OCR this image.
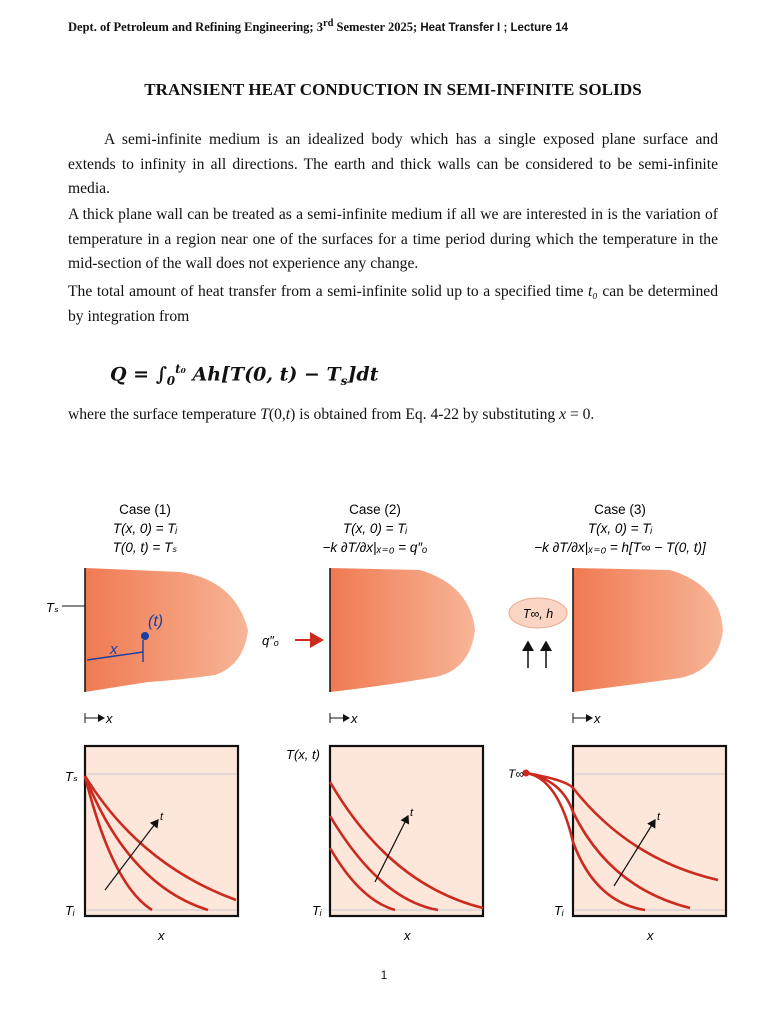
Dept. of Petroleum and Refining Engineering; 3rd Semester 2025; Heat Transfer I ; Lecture 14
TRANSIENT HEAT CONDUCTION IN SEMI-INFINITE SOLIDS
A semi-infinite medium is an idealized body which has a single exposed plane surface and extends to infinity in all directions. The earth and thick walls can be considered to be semi-infinite media.
A thick plane wall can be treated as a semi-infinite medium if all we are interested in is the variation of temperature in a region near one of the surfaces for a time period during which the temperature in the mid-section of the wall does not experience any change.
The total amount of heat transfer from a semi-infinite solid up to a specified time t₀ can be determined by integration from
$Q = \int_0^{t_0}$ Ah[T(0, $t) - T_s]dt$
where the surface temperature T(0,t) is obtained from Eq. 4-22 by substituting x = 0.
Case (1)
T(x, 0) = Tᵢ
T(0, t) = Tₛ
Case (2)
T(x, 0) = Tᵢ
−k ∂T/∂x|ₓ₌₀ = q″ₒ
Case (3)
T(x, 0) = Tᵢ
−k ∂T/∂x|ₓ₌₀ = h[T∞ − T(0, t)]
Tₛ
(t)
x
q″ₒ
T∞, h
x	x	x
t
Tₛ
Tᵢ
x
t
T(x, t)
Tᵢ
x
t
T∞
Tᵢ
x
1
